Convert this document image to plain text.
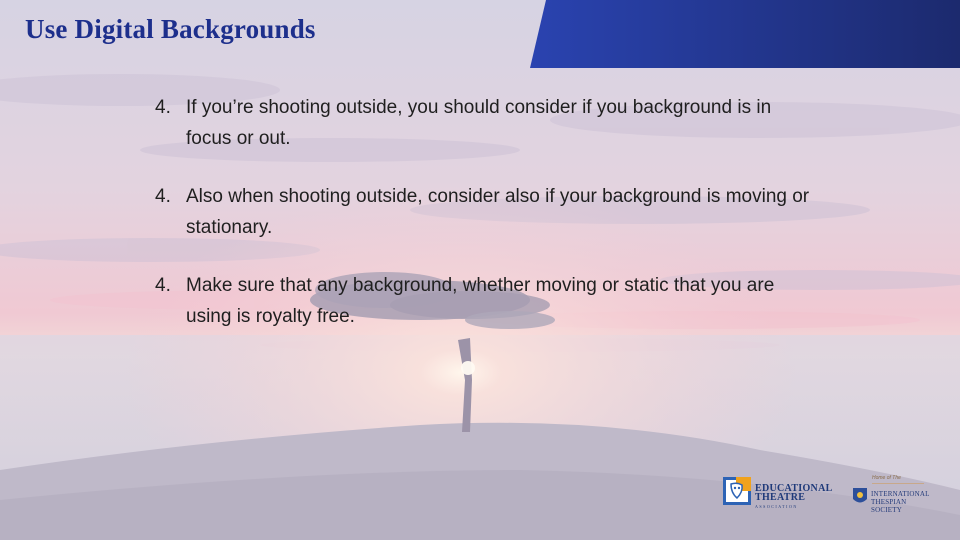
Use Digital Backgrounds
4. If you’re shooting outside, you should consider if you background is in focus or out.
4. Also when shooting outside, consider also if your background is moving or stationary.
4. Make sure that any background, whether moving or static that you are using is royalty free.
EDUCATIONAL
THEATRE
ASSOCIATION
Home of The
INTERNATIONAL
THESPIAN SOCIETY
